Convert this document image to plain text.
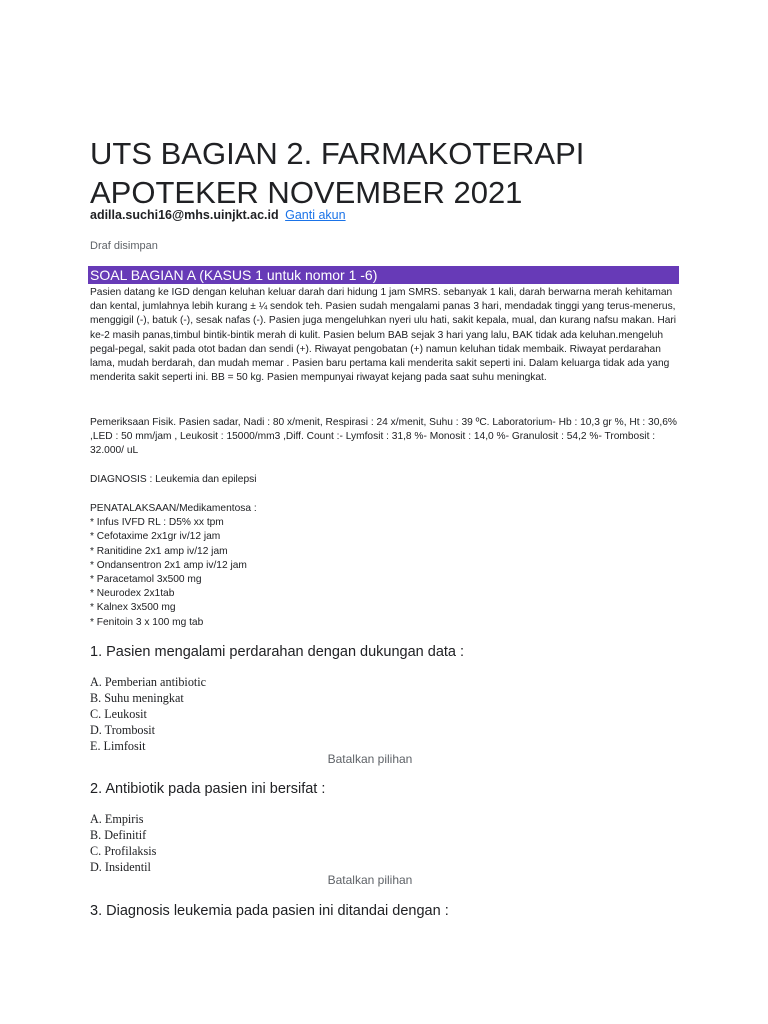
UTS BAGIAN 2. FARMAKOTERAPI APOTEKER NOVEMBER 2021
adilla.suchi16@mhs.uinjkt.ac.id Ganti akun
Draf disimpan
SOAL BAGIAN A (KASUS 1 untuk nomor 1 -6)

Pasien datang ke IGD dengan keluhan keluar darah dari hidung 1 jam SMRS. sebanyak 1 kali, darah berwarna merah kehitaman dan kental, jumlahnya lebih kurang ± ¼ sendok teh. Pasien sudah mengalami panas 3 hari, mendadak tinggi yang terus-menerus, menggigil (-), batuk (-), sesak nafas (-). Pasien juga mengeluhkan nyeri ulu hati, sakit kepala, mual, dan kurang nafsu makan. Hari ke-2 masih panas,timbul bintik-bintik merah di kulit. Pasien belum BAB sejak 3 hari yang lalu, BAK tidak ada keluhan.mengeluh pegal-pegal, sakit pada otot badan dan sendi (+). Riwayat pengobatan (+) namun keluhan tidak membaik. Riwayat perdarahan lama, mudah berdarah, dan mudah memar . Pasien baru pertama kali menderita sakit seperti ini. Dalam keluarga tidak ada yang menderita sakit seperti ini. BB = 50 kg. Pasien mempunyai riwayat kejang pada saat suhu meningkat.

Pemeriksaan Fisik. Pasien sadar, Nadi : 80 x/menit, Respirasi : 24 x/menit, Suhu : 39 ºC. Laboratorium- Hb : 10,3 gr %, Ht : 30,6% ,LED : 50 mm/jam , Leukosit : 15000/mm3 ,Diff. Count :- Lymfosit : 31,8 %- Monosit : 14,0 %- Granulosit : 54,2 %- Trombosit : 32.000/ uL

DIAGNOSIS : Leukemia dan epilepsi

PENATALAKSAAN/Medikamentosa :
* Infus IVFD RL : D5% xx tpm
* Cefotaxime 2x1gr iv/12 jam
* Ranitidine 2x1 amp iv/12 jam
* Ondansentron 2x1 amp iv/12 jam
* Paracetamol 3x500 mg
* Neurodex 2x1tab
* Kalnex 3x500 mg
* Fenitoin 3 x 100 mg tab
1. Pasien mengalami perdarahan dengan dukungan data :
A. Pemberian antibiotic
B. Suhu meningkat
C. Leukosit
D. Trombosit
E. Limfosit
Batalkan pilihan
2. Antibiotik pada pasien ini bersifat :
A. Empiris
B. Definitif
C. Profilaksis
D. Insidentil
Batalkan pilihan
3. Diagnosis leukemia pada pasien ini ditandai dengan :
